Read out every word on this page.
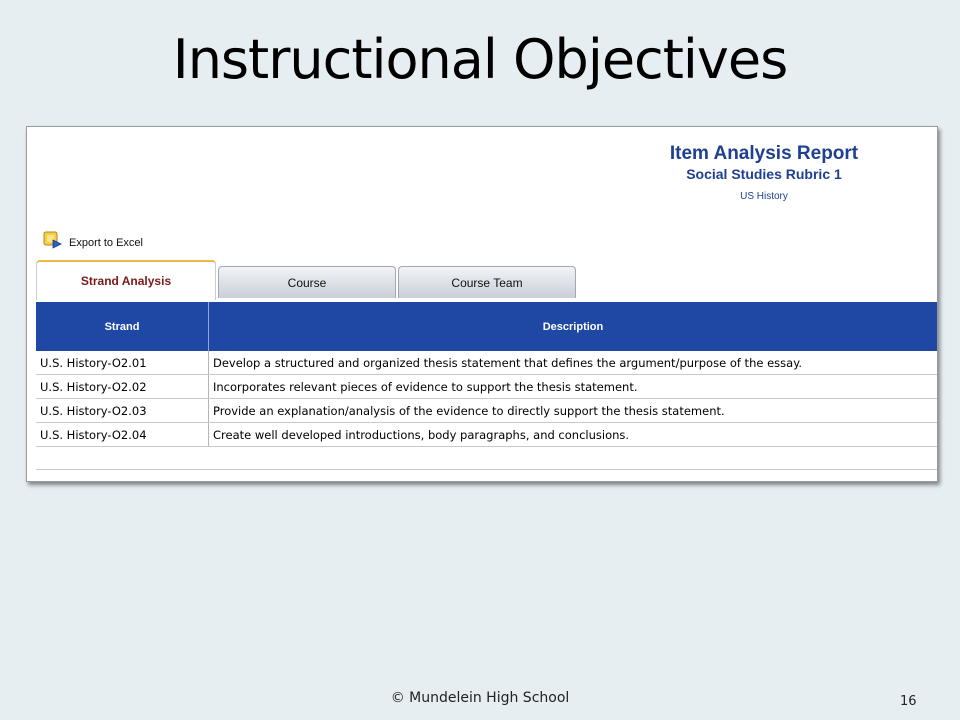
Instructional Objectives
Item Analysis Report
Social Studies Rubric 1
US History
Export to Excel
Strand Analysis	Course	Course Team
Strand	Description
U.S. History-O2.01	Develop a structured and organized thesis statement that defines the argument/purpose of the essay.
U.S. History-O2.02	Incorporates relevant pieces of evidence to support the thesis statement.
U.S. History-O2.03	Provide an explanation/analysis of the evidence to directly support the thesis statement.
U.S. History-O2.04	Create well developed introductions, body paragraphs, and conclusions.

© Mundelein High School	16
